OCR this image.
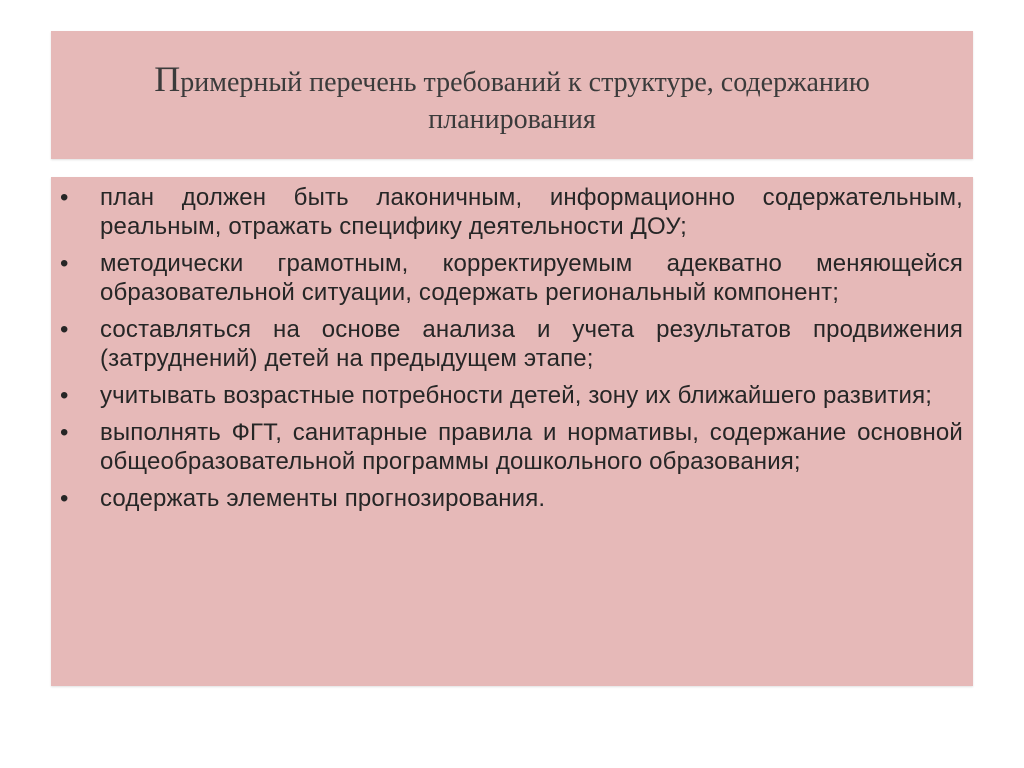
Примерный перечень требований к структуре, содержанию планирования
•	план должен быть лаконичным, информационно содержательным, реальным, отражать специфику деятельности ДОУ;
•	методически грамотным, корректируемым адекватно меняющейся образовательной ситуации, содержать региональный компонент;
•	составляться на основе анализа и учета результатов продвижения (затруднений) детей на предыдущем этапе;
•	учитывать возрастные потребности детей, зону их ближайшего развития;
•	выполнять ФГТ, санитарные правила и нормативы, содержание основной общеобразовательной программы дошкольного образования;
•	содержать элементы прогнозирования.
